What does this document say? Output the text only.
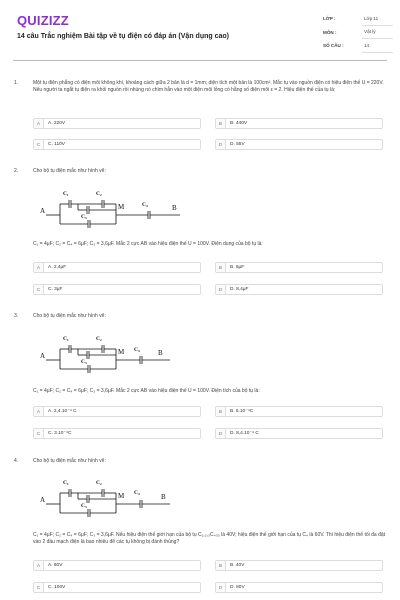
QUIZIZZ
14 câu Trắc nghiệm Bài tập về tụ điện có đáp án (Vận dụng cao)
LỚP :	Lớp 11
MÔN :	Vật lý
SỐ CÂU :	14
1.	Một tụ điện phẳng có điện môi không khí, khoảng cách giữa 2 bản là d = 1mm; diện tích một bản là 100cm². Mắc tụ vào nguồn điện có hiệu điện thế U = 220V. Nếu người ta ngắt tụ điện ra khỏi nguồn rồi nhúng nó chìm hẳn vào một điện môi lỏng có hằng số điện môi ε = 2. Hiệu điện thế của tụ là:
A	A. 220V	B	B. 440V
C	C. 110V	D	D. 55V
2.	Cho bộ tụ điện mắc như hình vẽ:
A	B
M
C₁	C₂
C₃
C₄
C₁ = 4μF; C₂ = C₄ = 6μF; C₃ = 3,6μF. Mắc 2 cực AB vào hiệu điện thế U = 100V. Điện dung của bộ tụ là:
A	A. 2,4μF	B	B. 6μF
C	C. 3μF	D	D. 8,4μF
3.	Cho bộ tụ điện mắc như hình vẽ:
A	B
M
C₁	C₂
C₃
C₄
C₁ = 4μF; C₂ = C₄ = 6μF; C₃ = 3,6μF. Mắc 2 cực AB vào hiệu điện thế U = 100V. Điện tích của bộ tụ là:
A	A. 2,4.10⁻⁴ C	B	B. 6.10⁻⁴C
C	C. 3.10⁻⁴C	D	D. 8,4.10⁻⁴ C
4.	Cho bộ tụ điện mắc như hình vẽ:
A	B
M
C₁	C₂
C₃
C₄
C₁ = 4μF; C₂ = C₄ = 6μF; C₃ = 3,6μF. Nếu hiệu điện thế giới hạn của bộ tụ C₁,₂,₃C₄₃₃ là 40V; hiệu điện thế giới hạn của tụ C₄ là 60V. Thì hiệu điện thế tối đa đặt vào 2 đầu mạch điện là bao nhiêu để các tụ không bị đánh thủng?
A	A. 60V	B	B. 40V
C	C. 100V	D	D. 80V
